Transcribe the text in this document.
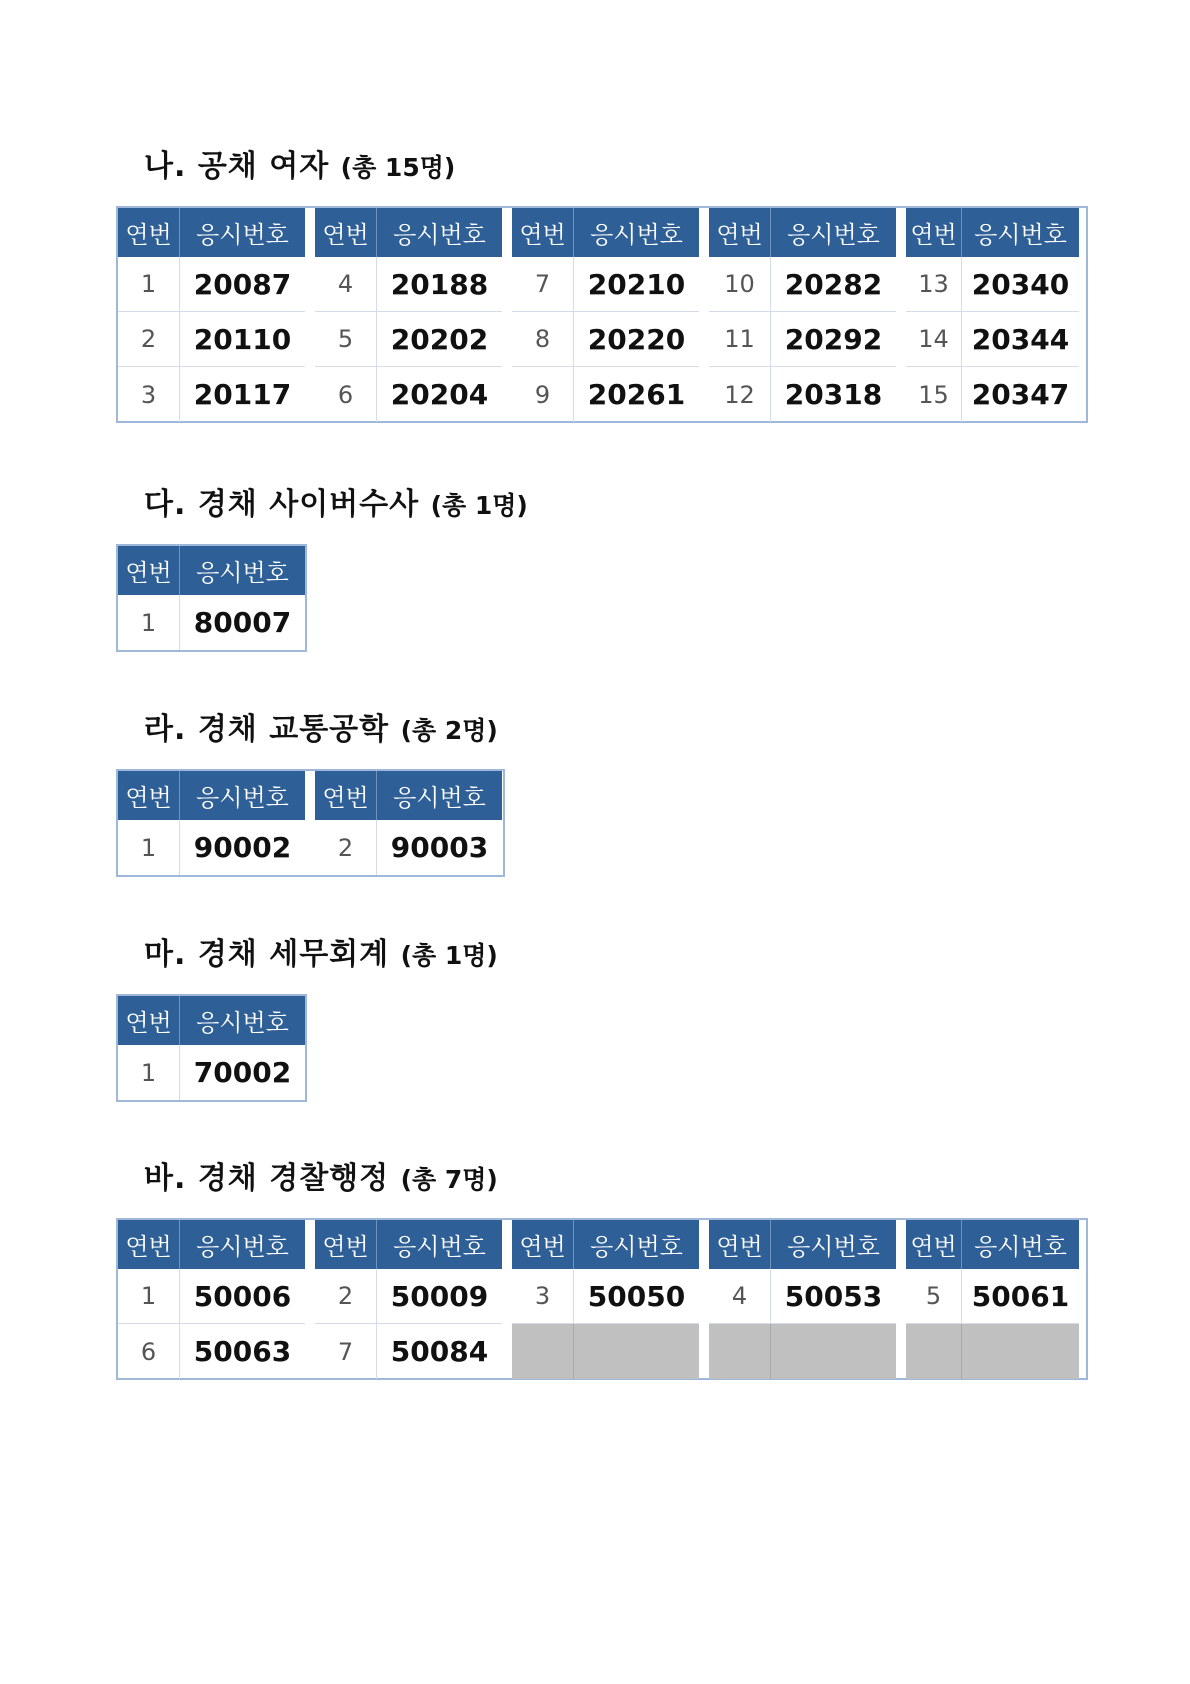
나. 공채 여자 (총 15명)
연번	응시번호
1	20087
2	20110
3	20117
연번	응시번호
4	20188
5	20202
6	20204
연번	응시번호
7	20210
8	20220
9	20261
연번	응시번호
10	20282
11	20292
12	20318
연번 응시번호
13 20340
14 20344
15 20347
다. 경채 사이버수사 (총 1명)
연번	응시번호
1	80007
라. 경채 교통공학 (총 2명)
연번	응시번호
1	90002
연번	응시번호
2	90003
마. 경채 세무회계 (총 1명)
연번	응시번호
1	70002
바. 경채 경찰행정 (총 7명)
연번	응시번호
1	50006
6	50063
연번	응시번호
2	50009
7	50084
연번	응시번호
3	50050
연번	응시번호
4	50053
연번 응시번호
5	50061
